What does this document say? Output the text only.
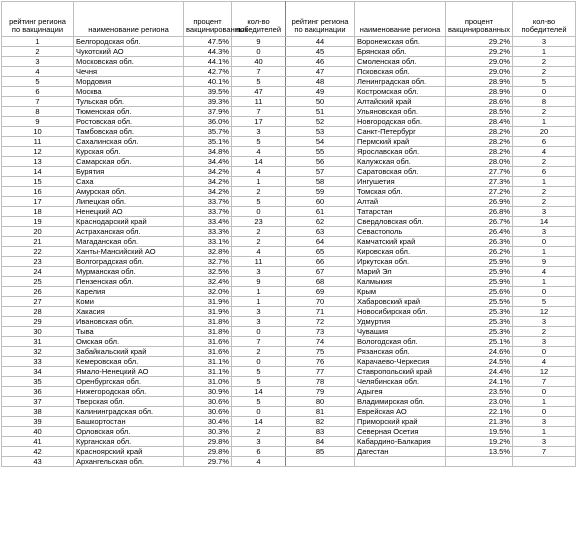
рейтинг региона по вакцинации	наименование региона	процент вакцинированных	кол-во победителей	рейтинг региона по вакцинации	наименование региона	процент вакцинированных	кол-во победителей
1	Белгородская обл.	47.5%	9	44	Воронежская обл.	29.2%	3
2	Чукотский АО	44.3%	0	45	Брянская обл.	29.2%	1
3	Московская обл.	44.1%	40	46	Смоленская обл.	29.0%	2
4	Чечня	42.7%	7	47	Псковская обл.	29.0%	2
5	Мордовия	40.1%	5	48	Ленинградская обл.	28.9%	5
6	Москва	39.5%	47	49	Костромская обл.	28.9%	0
7	Тульская обл.	39.3%	11	50	Алтайский край	28.6%	8
8	Тюменская обл.	37.9%	7	51	Ульяновская обл.	28.5%	2
9	Ростовская обл.	36.0%	17	52	Новгородская обл.	28.4%	1
10	Тамбовская обл.	35.7%	3	53	Санкт-Петербург	28.2%	20
11	Сахалинская обл.	35.1%	5	54	Пермский край	28.2%	6
12	Курская обл.	34.8%	4	55	Ярославская обл.	28.2%	4
13	Самарская обл.	34.4%	14	56	Калужская обл.	28.0%	2
14	Бурятия	34.2%	4	57	Саратовская обл.	27.7%	6
15	Саха	34.2%	1	58	Ингушетия	27.3%	1
16	Амурская обл.	34.2%	2	59	Томская обл.	27.2%	2
17	Липецкая обл.	33.7%	5	60	Алтай	26.9%	2
18	Ненецкий АО	33.7%	0	61	Татарстан	26.8%	3
19	Краснодарский край	33.4%	23	62	Свердловская обл.	26.7%	14
20	Астраханская обл.	33.3%	2	63	Севастополь	26.4%	3
21	Магаданская обл.	33.1%	2	64	Камчатский край	26.3%	0
22	Ханты-Мансийский АО	32.8%	4	65	Кировская обл.	26.2%	1
23	Волгоградская обл.	32.7%	11	66	Иркутская обл.	25.9%	9
24	Мурманская обл.	32.5%	3	67	Марий Эл	25.9%	4
25	Пензенская обл.	32.4%	9	68	Калмыкия	25.9%	1
26	Карелия	32.0%	1	69	Крым	25.6%	0
27	Коми	31.9%	1	70	Хабаровский край	25.5%	5
28	Хакасия	31.9%	3	71	Новосибирская обл.	25.3%	12
29	Ивановская обл.	31.8%	3	72	Удмуртия	25.3%	3
30	Тыва	31.8%	0	73	Чувашия	25.3%	2
31	Омская обл.	31.6%	7	74	Вологодская обл.	25.1%	3
32	Забайкальский край	31.6%	2	75	Рязанская обл.	24.6%	0
33	Кемеровская обл.	31.1%	0	76	Карачаево-Черкесия	24.5%	4
34	Ямало-Ненецкий АО	31.1%	5	77	Ставропольский край	24.4%	12
35	Оренбургская обл.	31.0%	5	78	Челябинская обл.	24.1%	7
36	Нижегородская обл.	30.9%	14	79	Адыгея	23.5%	0
37	Тверская обл.	30.6%	5	80	Владимирская обл.	23.0%	1
38	Калининградская обл.	30.6%	0	81	Еврейская АО	22.1%	0
39	Башкортостан	30.4%	14	82	Приморский край	21.3%	3
40	Орловская обл.	30.3%	2	83	Северная Осетия	19.5%	1
41	Курганская обл.	29.8%	3	84	Кабардино-Балкария	19.2%	3
42	Красноярский край	29.8%	6	85	Дагестан	13.5%	7
43	Архангельская обл.	29.7%	4				
